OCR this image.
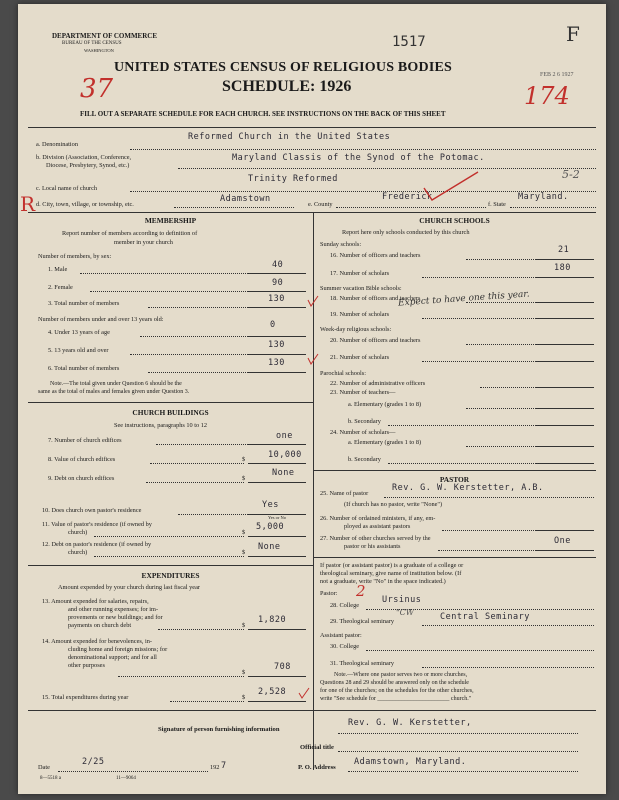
DEPARTMENT OF COMMERCE
BUREAU OF THE CENSUS
WASHINGTON
1517	F
UNITED STATES CENSUS OF RELIGIOUS BODIES	FEB 2 6 1927
37	SCHEDULE: 1926	174
FILL OUT A SEPARATE SCHEDULE FOR EACH CHURCH. SEE INSTRUCTIONS ON THE BACK OF THIS SHEET
a. Denomination
Reformed Church in the United States
b. Division (Association, Conference,
Diocese, Presbytery, Synod, etc.)
Maryland Classis of the Synod of the Potomac.
c. Local name of church
Trinity Reformed	5-2
R d. City, town, village, or township, etc.
Adamstown
e. County
Frederick
f. State
Maryland.
MEMBERSHIP
Report number of members according to definition of
member in your church
Number of members, by sex:
1. Male	40
2. Female	90
3. Total number of members	130
Number of members under and over 13 years old:
4. Under 13 years of age
0
5. 13 years old and over
130
6. Total number of members
130
Note.—The total given under Question 6 should be the
same as the total of males and females given under Question 3.
CHURCH BUILDINGS
See instructions, paragraphs 10 to 12
7. Number of church edifices	one
8. Value of church edifices	$	10,000
9. Debt on church edifices	$
None
10. Does church own pastor's residence
Yes
Yes or No
11. Value of pastor's residence (if owned by
church)	$
5,000
12. Debt on pastor's residence (if owned by
church)	$
None
EXPENDITURES
Amount expended by your church during last fiscal year
13. Amount expended for salaries, repairs,
and other running expenses; for im-
provements or new buildings; and for
payments on church debt	$
1,820
14. Amount expended for benevolences, in-
cluding home and foreign missions; for
denominational support; and for all
other purposes
$
708
15. Total expenditures during year	$
2,528
CHURCH SCHOOLS
Report here only schools conducted by this church
Sunday schools:
16. Number of officers and teachers
21
17. Number of scholars
180
Summer vacation Bible schools:
18. Number of officers and teachers
Expect to have one this year.
19. Number of scholars
Week-day religious schools:
20. Number of officers and teachers
21. Number of scholars
Parochial schools:
22. Number of administrative officers
23. Number of teachers—
a. Elementary (grades 1 to 8)
b. Secondary
24. Number of scholars—
a. Elementary (grades 1 to 8)
b. Secondary
PASTOR
25. Name of pastor
Rev. G. W. Kerstetter, A.B.
(If church has no pastor, write "None")
26. Number of ordained ministers, if any, em-
ployed as assistant pastors
27. Number of other churches served by the
pastor or his assistants
One
If pastor (or assistant pastor) is a graduate of a college or
theological seminary, give name of institution below. (If
not a graduate, write "No" in the space indicated.)
Pastor: 2
28. College
Ursinus
"CW
29. Theological seminary	Central Seminary
Assistant pastor:
30. College
31. Theological seminary
Note.—Where one pastor serves two or more churches,
Questions 28 and 29 should be answered only on the schedule
for one of the churches; on the schedules for the other churches,
write "See schedule for ________________________ church."
Signature of person furnishing information
Rev. G. W. Kerstetter,
Official title
Date
2/25
192 7	P. O. Address
Adamstown, Maryland.
8—5518 a	11—9064
